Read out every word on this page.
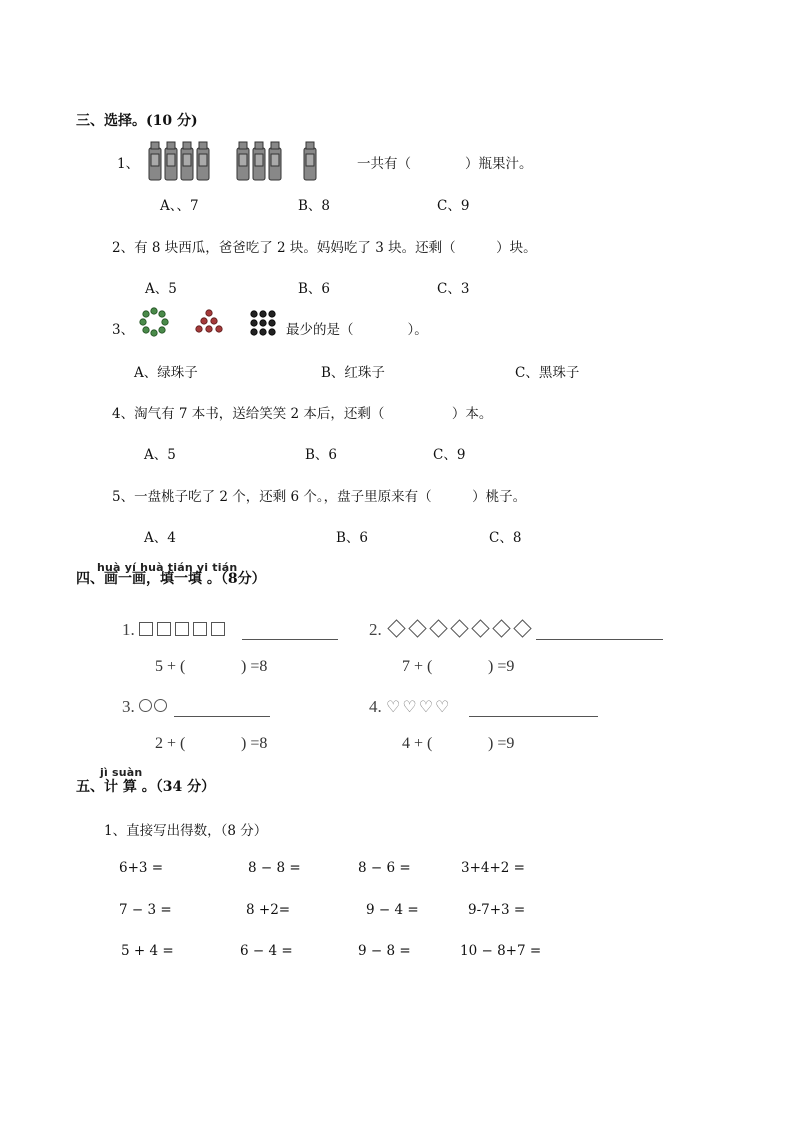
三、选择。(10 分)
1、	一共有（　　　　）瓶果汁。
A、、7	B、8	C、9
2、有 8 块西瓜，爸爸吃了 2 块。妈妈吃了 3 块。还剩（　　　）块。
A、5	B、6	C、3
3、	最少的是（　　　　）。
A、绿珠子	B、红珠子	C、黑珠子
4、淘气有 7 本书，送给笑笑 2 本后，还剩（　　　　　）本。
A、5	B、6	C、9
5、一盘桃子吃了 2 个，还剩 6 个。，盘子里原来有（　　　）桃子。
A、4	B、6	C、8
huà yí huà tián yi tián
四、画一画，填一填 。（8分）
1.
5 + (	) =8
2.
7 + (	) =9
3.
2 + (	) =8
4. ♡ ♡ ♡ ♡
4 + (	) =9
jì suàn
五、计 算 。（34 分）
1、直接写出得数，（8 分）
6+3 =	8 − 8 =	8 − 6 =	3+4+2 =
7 − 3 =	8 +2=	9 − 4 =	9-7+3 =
5 + 4 =	6 − 4 =	9 − 8 =	10 − 8+7 =
